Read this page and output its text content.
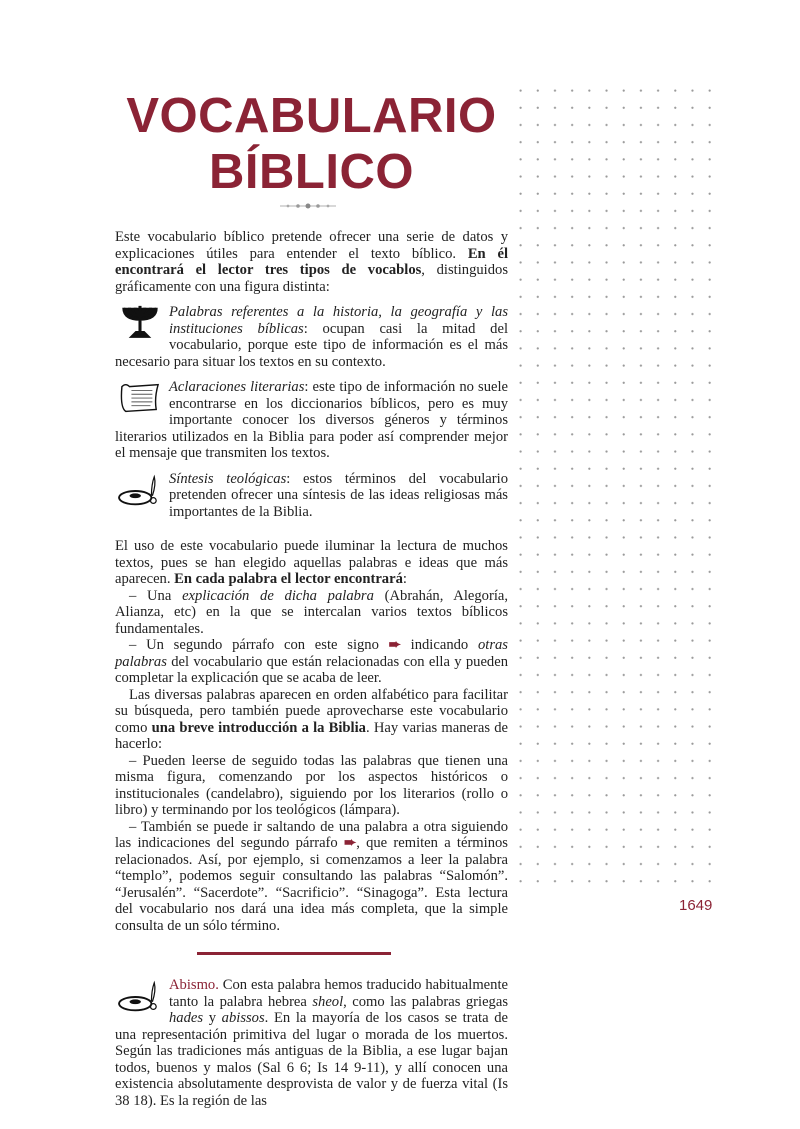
VOCABULARIO
BÍBLICO

Este vocabulario bíblico pretende ofrecer una serie de datos y explicaciones útiles para entender el texto bíblico. En él encontrará el lector tres tipos de vocablos, distinguidos gráficamente con una figura distinta:

Palabras referentes a la historia, la geografía y las instituciones bíblicas: ocupan casi la mitad del vocabulario, porque este tipo de información es el más necesario para situar los textos en su contexto.

Aclaraciones literarias: este tipo de información no suele encontrarse en los diccionarios bíblicos, pero es muy importante conocer los diversos géneros y términos literarios utilizados en la Biblia para poder así comprender mejor el mensaje que transmiten los textos.

Síntesis teológicas: estos términos del vocabulario pretenden ofrecer una síntesis de las ideas religiosas más importantes de la Biblia.

El uso de este vocabulario puede iluminar la lectura de muchos textos, pues se han elegido aquellas palabras e ideas que más aparecen. En cada palabra el lector encontrará:

– Una explicación de dicha palabra (Abrahán, Alegoría, Alianza, etc) en la que se intercalan varios textos bíblicos fundamentales.

– Un segundo párrafo con este signo ➨ indicando otras palabras del vocabulario que están relacionadas con ella y pueden completar la explicación que se acaba de leer.

Las diversas palabras aparecen en orden alfabético para facilitar su búsqueda, pero también puede aprovecharse este vocabulario como una breve introducción a la Biblia. Hay varias maneras de hacerlo:

– Pueden leerse de seguido todas las palabras que tienen una misma figura, comenzando por los aspectos históricos o institucionales (candelabro), siguiendo por los literarios (rollo o libro) y terminando por los teológicos (lámpara).

– También se puede ir saltando de una palabra a otra siguiendo las indicaciones del segundo párrafo ➨, que remiten a términos relacionados. Así, por ejemplo, si comenzamos a leer la palabra “templo”, podemos seguir consultando las palabras “Salomón”. “Jerusalén”. “Sacerdote”. “Sacrificio”. “Sinagoga”. Esta lectura del vocabulario nos dará una idea más completa, que la simple consulta de un sólo término.

Abismo. Con esta palabra hemos traducido habitualmente tanto la palabra hebrea sheol, como las palabras griegas hades y abissos. En la mayoría de los casos se trata de una representación primitiva del lugar o morada de los muertos. Según las tradiciones más antiguas de la Biblia, a ese lugar bajan todos, buenos y malos (Sal 6 6; Is 14 9-11), y allí conocen una existencia absolutamente desprovista de valor y de fuerza vital (Is 38 18). Es la región de las
1649
